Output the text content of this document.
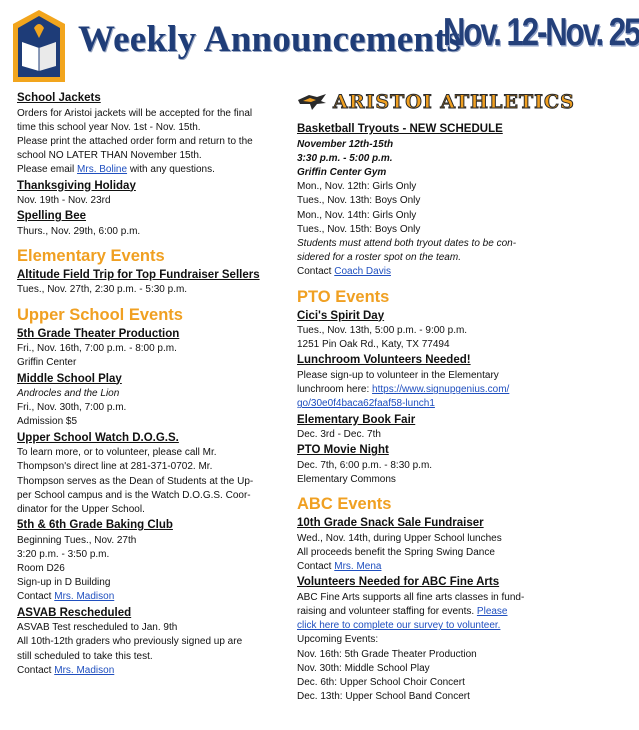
Weekly Announcements
Nov. 12-Nov. 25
School Jackets
Orders for Aristoi jackets will be accepted for the final
time this school year Nov. 1st - Nov. 15th.
Please print the attached order form and return to the
school NO LATER THAN November 15th.
Please email Mrs. Boline with any questions.
Thanksgiving Holiday
Nov. 19th - Nov. 23rd
Spelling Bee
Thurs., Nov. 29th, 6:00 p.m.
Elementary Events
Altitude Field Trip for Top Fundraiser Sellers
Tues., Nov. 27th, 2:30 p.m. - 5:30 p.m.
Upper School Events
5th Grade Theater Production
Fri., Nov. 16th, 7:00 p.m. - 8:00 p.m.
Griffin Center
Middle School Play
Androcles and the Lion
Fri., Nov. 30th, 7:00 p.m.
Admission $5
Upper School Watch D.O.G.S.
To learn more, or to volunteer, please call Mr.
Thompson's direct line at 281-371-0702. Mr.
Thompson serves as the Dean of Students at the Up-
per School campus and is the Watch D.O.G.S. Coor-
dinator for the Upper School.
5th & 6th Grade Baking Club
Beginning Tues., Nov. 27th
3:20 p.m. - 3:50 p.m.
Room D26
Sign-up in D Building
Contact Mrs. Madison
ASVAB Rescheduled
ASVAB Test rescheduled to Jan. 9th
All 10th-12th graders who previously signed up are
still scheduled to take this test.
Contact Mrs. Madison
ARISTOI ATHLETICS
Basketball Tryouts - NEW SCHEDULE
November 12th-15th
3:30 p.m. - 5:00 p.m.
Griffin Center Gym
Mon., Nov. 12th: Girls Only
Tues., Nov. 13th: Boys Only
Mon., Nov. 14th: Girls Only
Tues., Nov. 15th: Boys Only
Students must attend both tryout dates to be con-
sidered for a roster spot on the team.
Contact Coach Davis
PTO Events
Cici's Spirit Day
Tues., Nov. 13th, 5:00 p.m. - 9:00 p.m.
1251 Pin Oak Rd., Katy, TX 77494
Lunchroom Volunteers Needed!
Please sign-up to volunteer in the Elementary
lunchroom here: https://www.signupgenius.com/
go/30e0f4baca62faaf58-lunch1
Elementary Book Fair
Dec. 3rd - Dec. 7th
PTO Movie Night
Dec. 7th, 6:00 p.m. - 8:30 p.m.
Elementary Commons
ABC Events
10th Grade Snack Sale Fundraiser
Wed., Nov. 14th, during Upper School lunches
All proceeds benefit the Spring Swing Dance
Contact Mrs. Mena
Volunteers Needed for ABC Fine Arts
ABC Fine Arts supports all fine arts classes in fund-
raising and volunteer staffing for events. Please
click here to complete our survey to volunteer.
Upcoming Events:
Nov. 16th: 5th Grade Theater Production
Nov. 30th: Middle School Play
Dec. 6th: Upper School Choir Concert
Dec. 13th: Upper School Band Concert
